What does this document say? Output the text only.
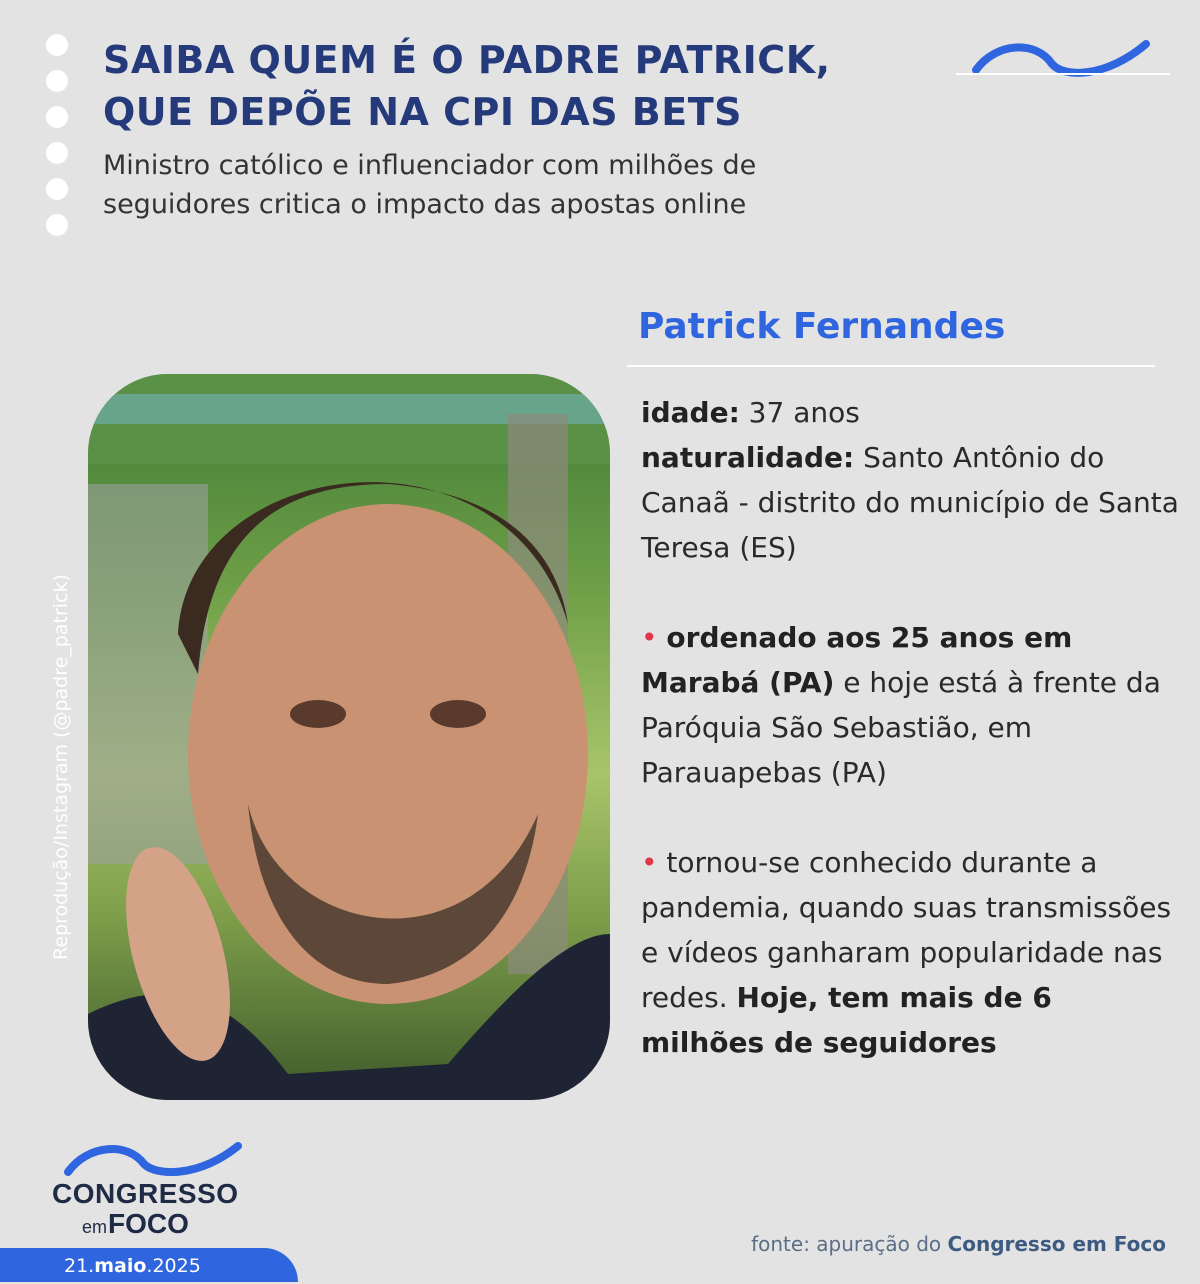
SAIBA QUEM É O PADRE PATRICK,
QUE DEPÕE NA CPI DAS BETS

Ministro católico e influenciador com milhões de
seguidores critica o impacto das apostas online

Reprodução/Instagram (@padre_patrick)
Patrick Fernandes

idade: 37 anos

naturalidade: Santo Antônio do Canaã - distrito do município de Santa Teresa (ES)

• ordenado aos 25 anos em Marabá (PA) e hoje está à frente da Paróquia São Sebastião, em Parauapebas (PA)

• tornou-se conhecido durante a pandemia, quando suas transmissões e vídeos ganharam popularidade nas redes. Hoje, tem mais de 6 milhões de seguidores

CONGRESSO
em FOCO
21.maio.2025
fonte: apuração do Congresso em Foco
